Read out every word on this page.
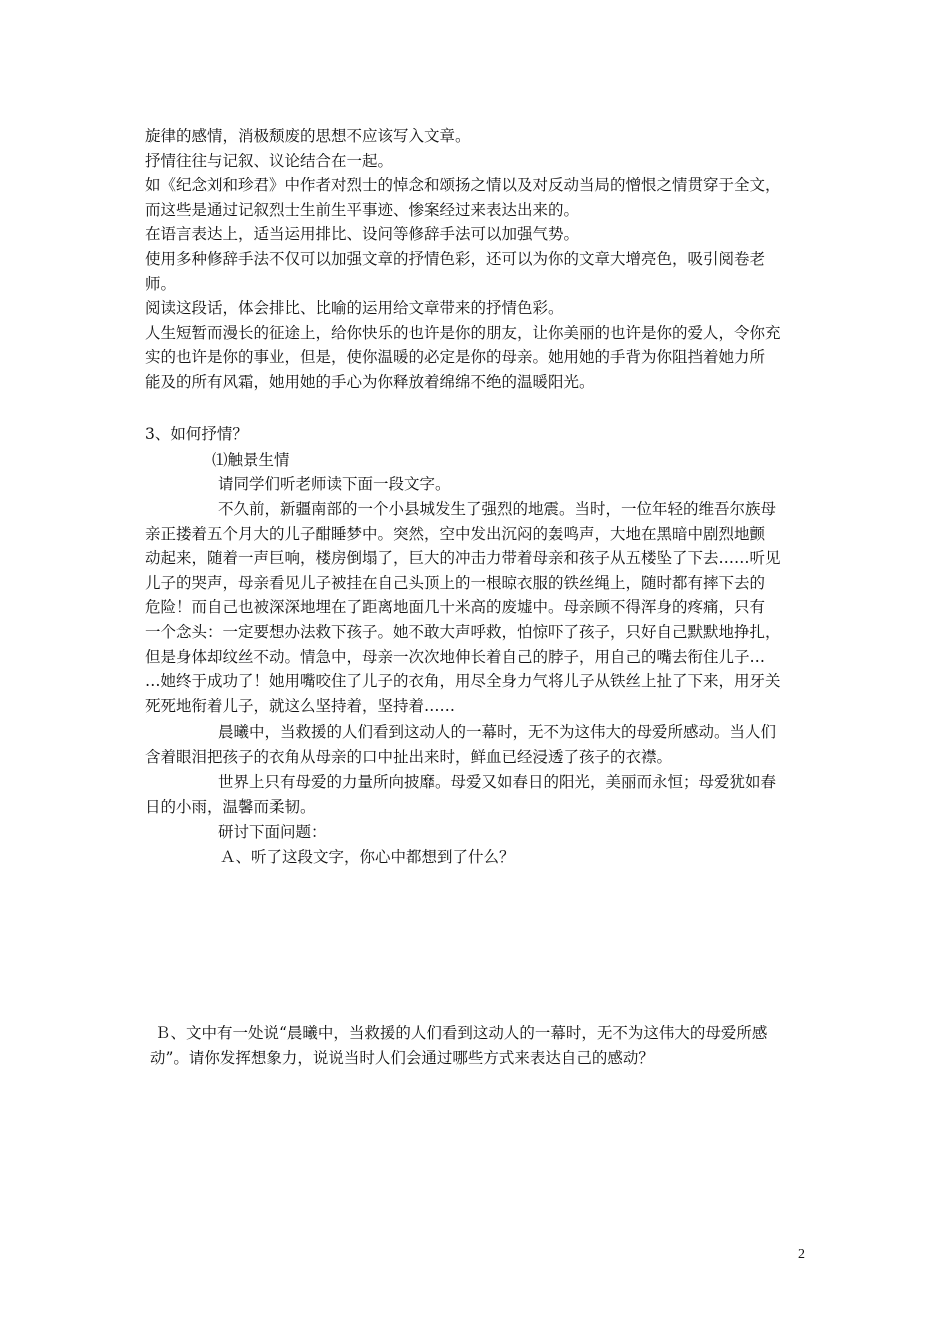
旋律的感情，消极颓废的思想不应该写入文章。
抒情往往与记叙、议论结合在一起。
如《纪念刘和珍君》中作者对烈士的悼念和颂扬之情以及对反动当局的憎恨之情贯穿于全文，
而这些是通过记叙烈士生前生平事迹、惨案经过来表达出来的。
在语言表达上，适当运用排比、设问等修辞手法可以加强气势。
使用多种修辞手法不仅可以加强文章的抒情色彩，还可以为你的文章大增亮色，吸引阅卷老
师。
阅读这段话，体会排比、比喻的运用给文章带来的抒情色彩。
人生短暂而漫长的征途上，给你快乐的也许是你的朋友，让你美丽的也许是你的爱人，令你充
实的也许是你的事业，但是，使你温暖的必定是你的母亲。她用她的手背为你阻挡着她力所
能及的所有风霜，她用她的手心为你释放着绵绵不绝的温暖阳光。
3、如何抒情？
⑴触景生情
请同学们听老师读下面一段文字。
不久前，新疆南部的一个小县城发生了强烈的地震。当时，一位年轻的维吾尔族母
亲正搂着五个月大的儿子酣睡梦中。突然，空中发出沉闷的轰鸣声，大地在黑暗中剧烈地颤
动起来，随着一声巨响，楼房倒塌了，巨大的冲击力带着母亲和孩子从五楼坠了下去……听见
儿子的哭声，母亲看见儿子被挂在自己头顶上的一根晾衣服的铁丝绳上，随时都有摔下去的
危险！而自己也被深深地埋在了距离地面几十米高的废墟中。母亲顾不得浑身的疼痛，只有
一个念头：一定要想办法救下孩子。她不敢大声呼救，怕惊吓了孩子，只好自己默默地挣扎，
但是身体却纹丝不动。情急中，母亲一次次地伸长着自己的脖子，用自己的嘴去衔住儿子…
…她终于成功了！她用嘴咬住了儿子的衣角，用尽全身力气将儿子从铁丝上扯了下来，用牙关
死死地衔着儿子，就这么坚持着，坚持着……
晨曦中，当救援的人们看到这动人的一幕时，无不为这伟大的母爱所感动。当人们
含着眼泪把孩子的衣角从母亲的口中扯出来时，鲜血已经浸透了孩子的衣襟。
世界上只有母爱的力量所向披靡。母爱又如春日的阳光，美丽而永恒；母爱犹如春
日的小雨，温馨而柔韧。
研讨下面问题：
Ａ、听了这段文字，你心中都想到了什么？
Ｂ、文中有一处说“晨曦中，当救援的人们看到这动人的一幕时，无不为这伟大的母爱所感
动”。请你发挥想象力，说说当时人们会通过哪些方式来表达自己的感动？
2
